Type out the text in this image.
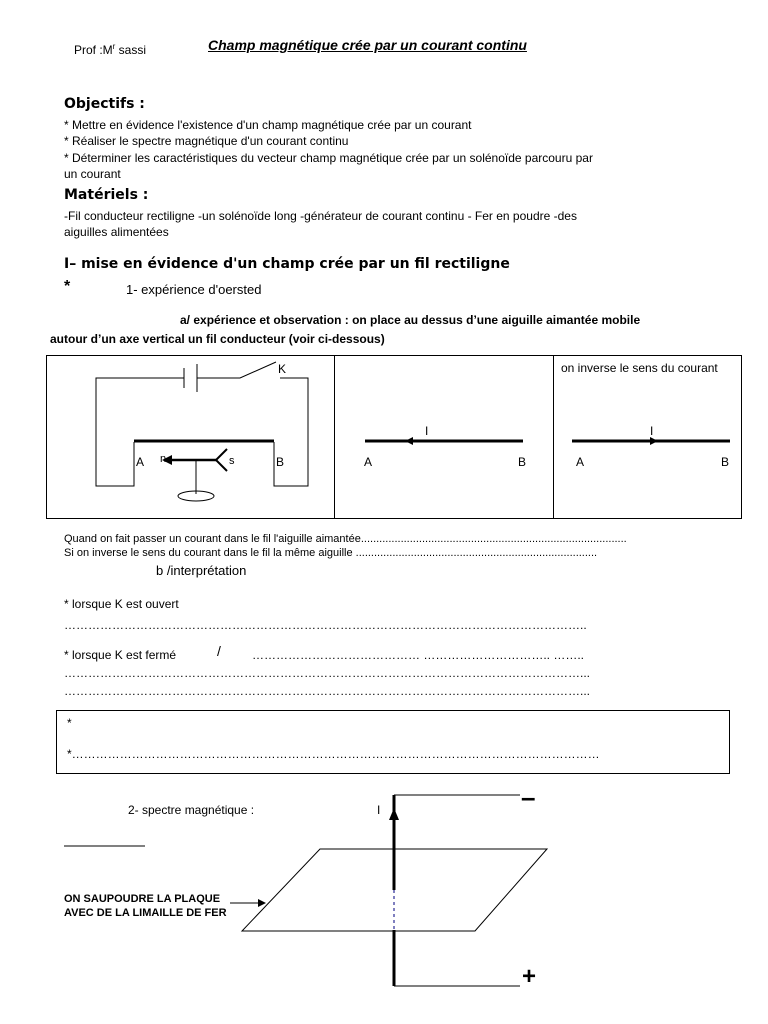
Prof $:M^r$ sassi	Champ magnétique crée par un courant continu
Objectifs :
* Mettre en évidence l'existence d'un champ magnétique crée par un courant
* Réaliser le spectre magnétique d'un courant continu
* Déterminer les caractéristiques du vecteur champ magnétique crée par un solénoïde parcouru par
un courant
Matériels :
-Fil conducteur rectiligne -un solénoïde long -générateur de courant continu - Fer en poudre -des
aiguilles alimentées
I– mise en évidence d'un champ crée par un fil rectiligne
*	1- expérience d'oersted
a/ expérience et observation : on place au dessus d’une aiguille aimantée mobile
autour d’un axe vertical un fil conducteur (voir ci-dessous)
K
A	B
n	s
I
A	B
on inverse le sens du courant
I
A	B
Quand on fait passer un courant dans le fil l'aiguille aimantée.......................................................................................
Si on inverse le sens du courant dans le fil la même aiguille ...............................................................................
b /interprétation
* lorsque K est ouvert
…………………………………………………………………………………………………………………..
* lorsque K est fermé	/	…………………………………… ………………………….. ……..
…………………………………………………………………………………………………………………...
…………………………………………………………………………………………………………………...
*
*……………………………………………………………………………………………………………………
2- spectre magnétique :	I	–
+
ON SAUPOUDRE LA PLAQUE
AVEC DE LA LIMAILLE DE FER
